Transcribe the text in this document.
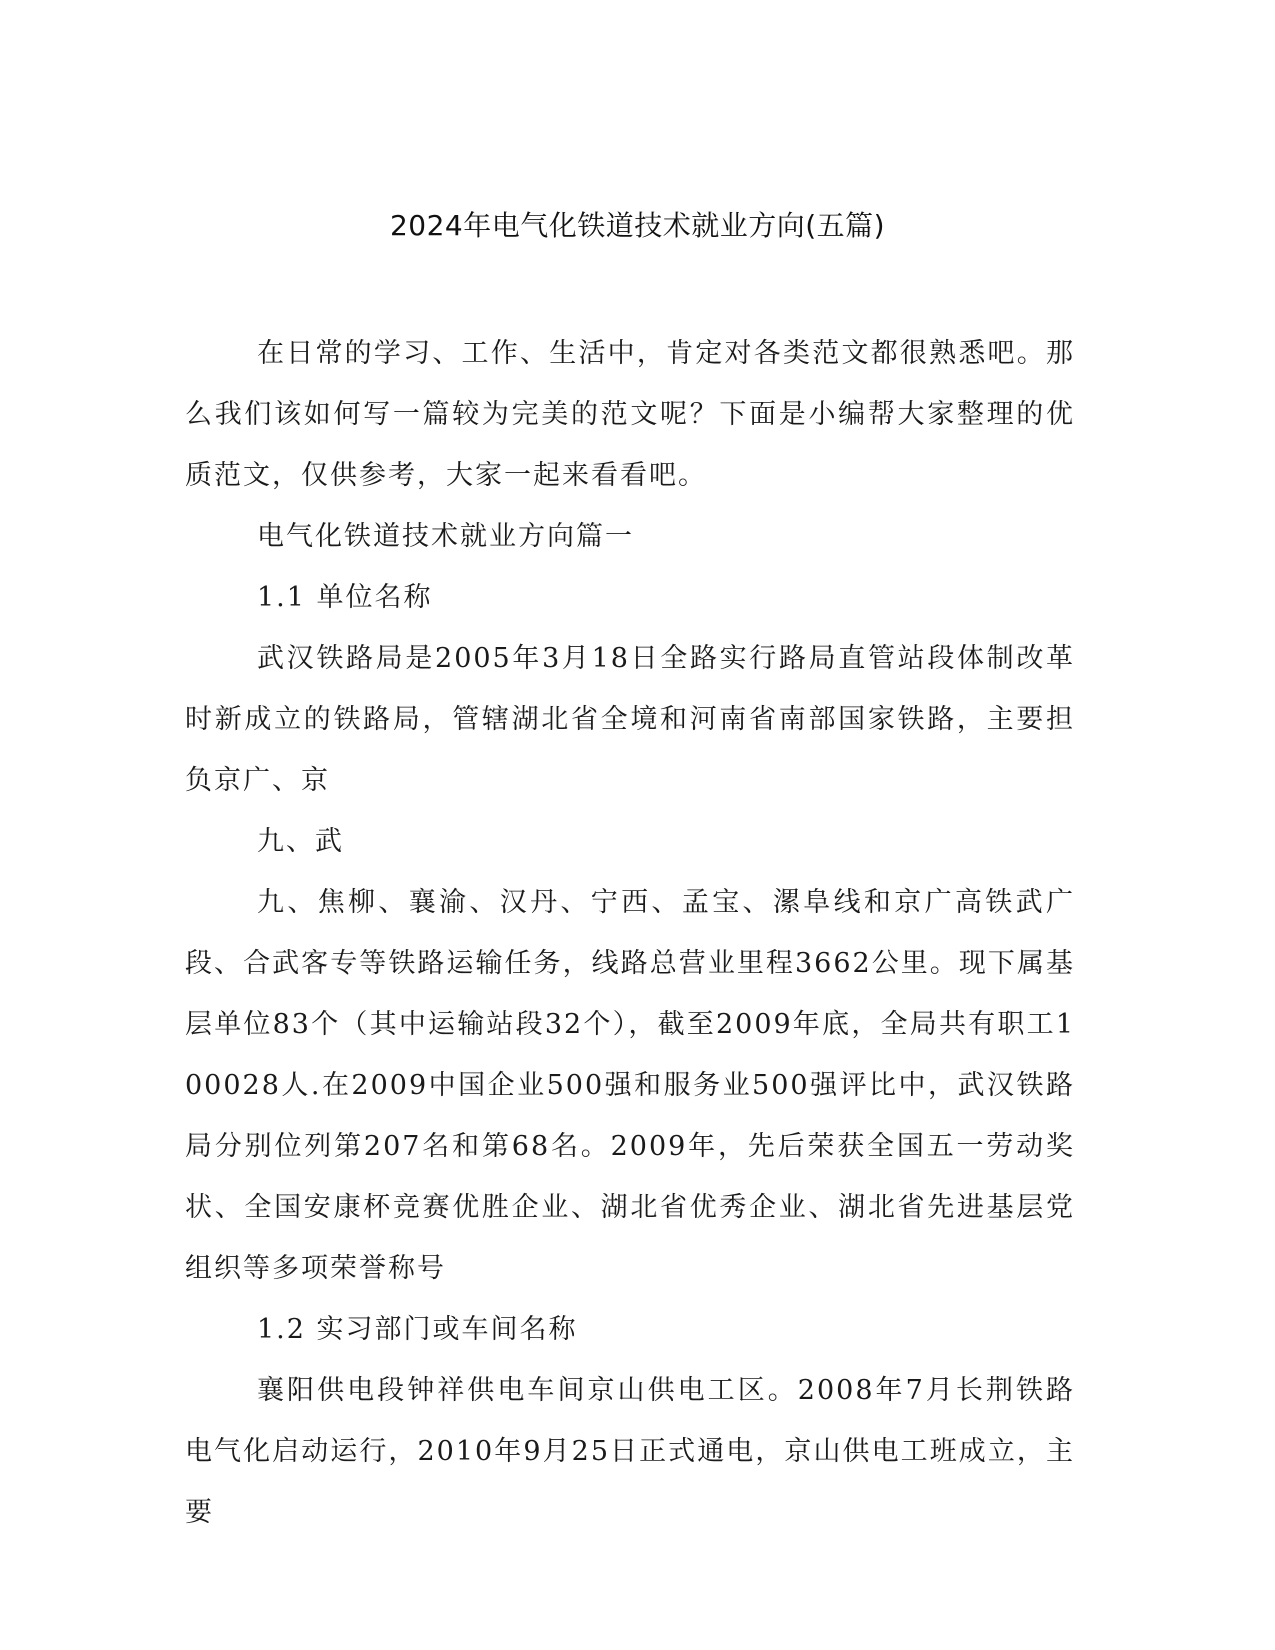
2024年电气化铁道技术就业方向(五篇)

在日常的学习、工作、生活中，肯定对各类范文都很熟悉吧。那么我们该如何写一篇较为完美的范文呢？下面是小编帮大家整理的优质范文，仅供参考，大家一起来看看吧。

电气化铁道技术就业方向篇一

1.1 单位名称

武汉铁路局是2005年3月18日全路实行路局直管站段体制改革时新成立的铁路局，管辖湖北省全境和河南省南部国家铁路，主要担负京广、京

九、武

九、焦柳、襄渝、汉丹、宁西、孟宝、漯阜线和京广高铁武广段、合武客专等铁路运输任务，线路总营业里程3662公里。现下属基层单位83个（其中运输站段32个），截至2009年底，全局共有职工100028人.在2009中国企业500强和服务业500强评比中，武汉铁路局分别位列第207名和第68名。2009年，先后荣获全国五一劳动奖状、全国安康杯竞赛优胜企业、湖北省优秀企业、湖北省先进基层党组织等多项荣誉称号

1.2 实习部门或车间名称

襄阳供电段钟祥供电车间京山供电工区。2008年7月长荆铁路电气化启动运行，2010年9月25日正式通电，京山供电工班成立，主要
